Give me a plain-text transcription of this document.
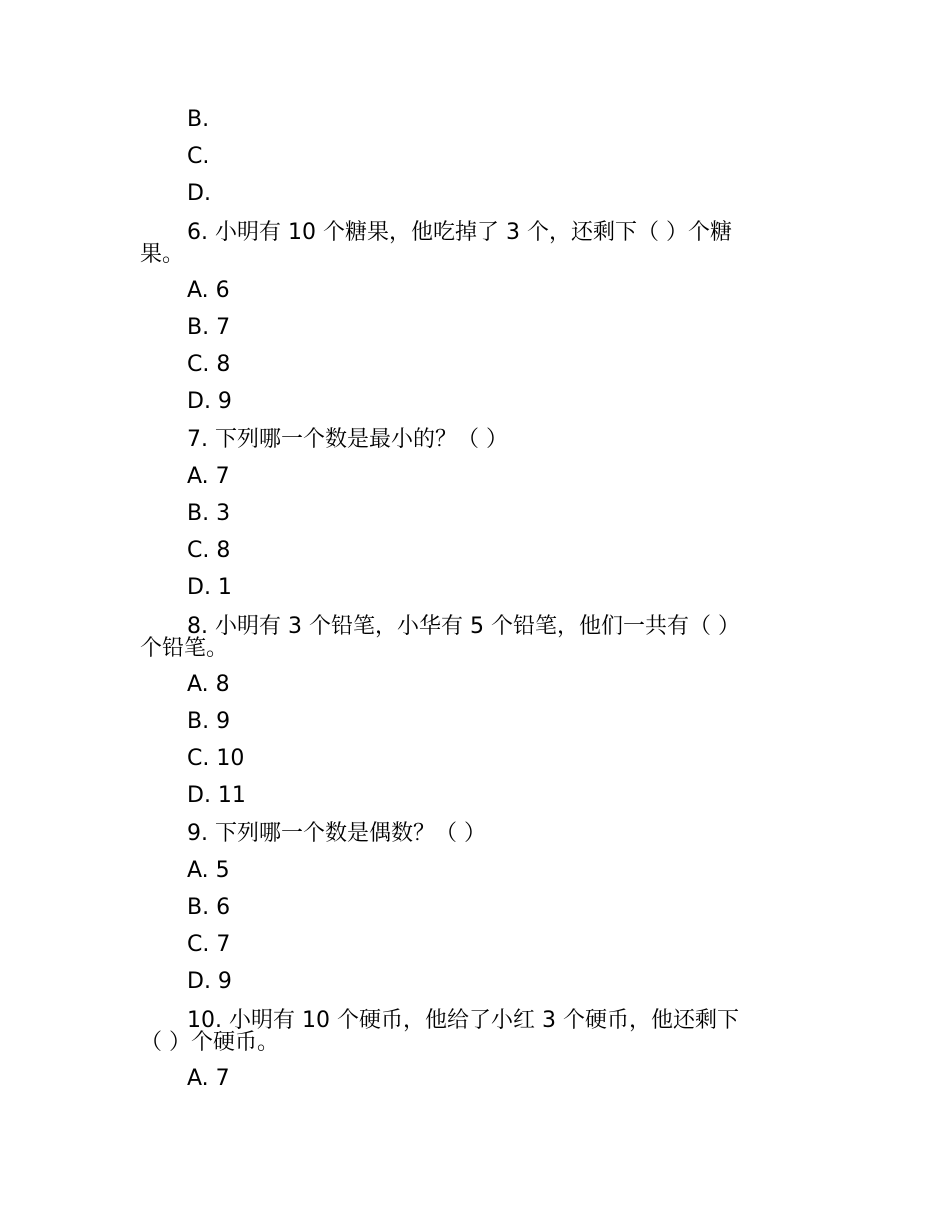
B.
C.
D.
6. 小明有 10 个糖果，他吃掉了 3 个，还剩下（ ）个糖
果。
A. 6
B. 7
C. 8
D. 9
7. 下列哪一个数是最小的？（ ）
A. 7
B. 3
C. 8
D. 1
8. 小明有 3 个铅笔，小华有 5 个铅笔，他们一共有（ ）
个铅笔。
A. 8
B. 9
C. 10
D. 11
9. 下列哪一个数是偶数？（ ）
A. 5
B. 6
C. 7
D. 9
10. 小明有 10 个硬币，他给了小红 3 个硬币，他还剩下
（ ）个硬币。
A. 7
